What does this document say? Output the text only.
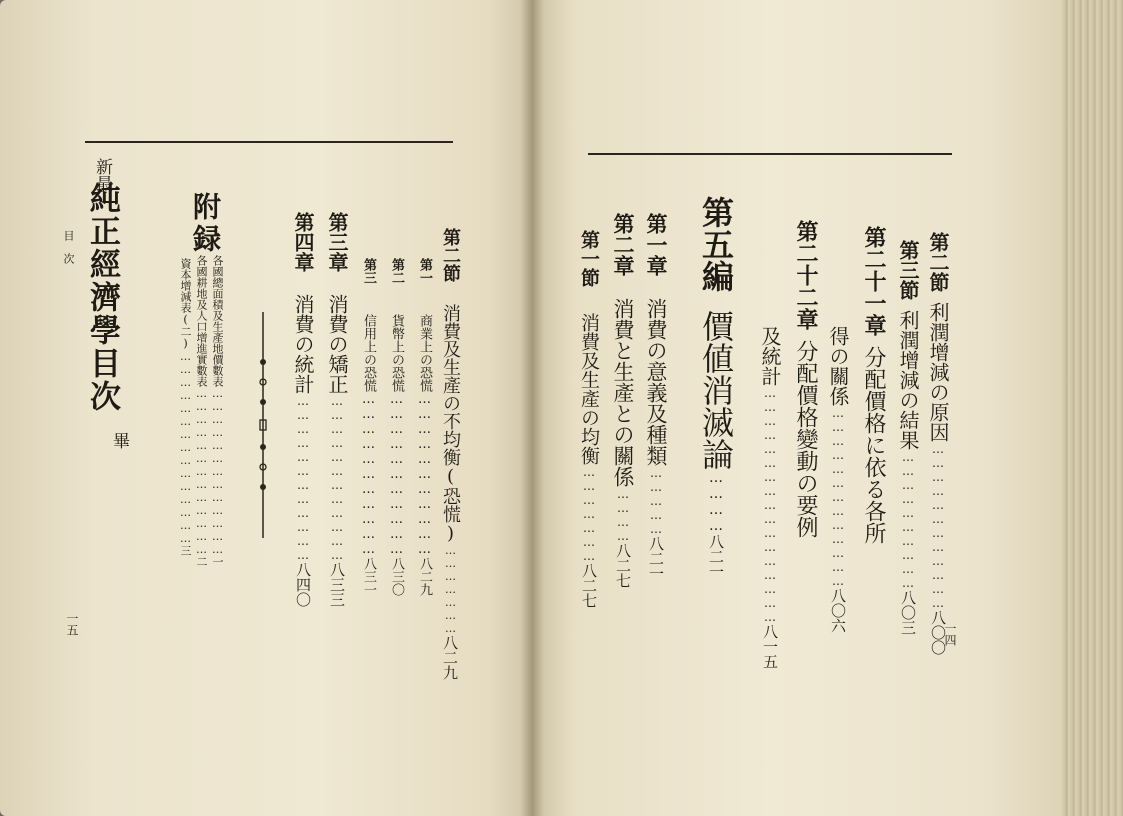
新最
純正經濟學目次
畢
目次
一五
附録
各國總面積及生產地價數表…………………………………一
各國耕地及人口增進實數表…………………………………二
資本增減表(二)………………………………………三
第四章消費の統計………………………………八四〇
第三章消費の矯正………………………………八三三
第三信用上の恐慌……………………………八三一
第二貨幣上の恐慌……………………………八三〇
第一商業上の恐慌……………………………八二九
第二節消費及生產の不均衡(恐慌)…………………八二九
一四
第二節利潤增減の原因………………………………八〇〇
第三節利潤增減の結果…………………………八〇三
第二十一章分配價格に依る各所
得の關係…………………………………八〇六
第二十二章分配價格變動の要例
及統計……………………………………………八一五
第五編價値消滅論…………八二一
第一章消費の意義及種類……………八二一
第二章消費と生產との關係…………八二七
第一節消費及生產の均衡…………………八二七
